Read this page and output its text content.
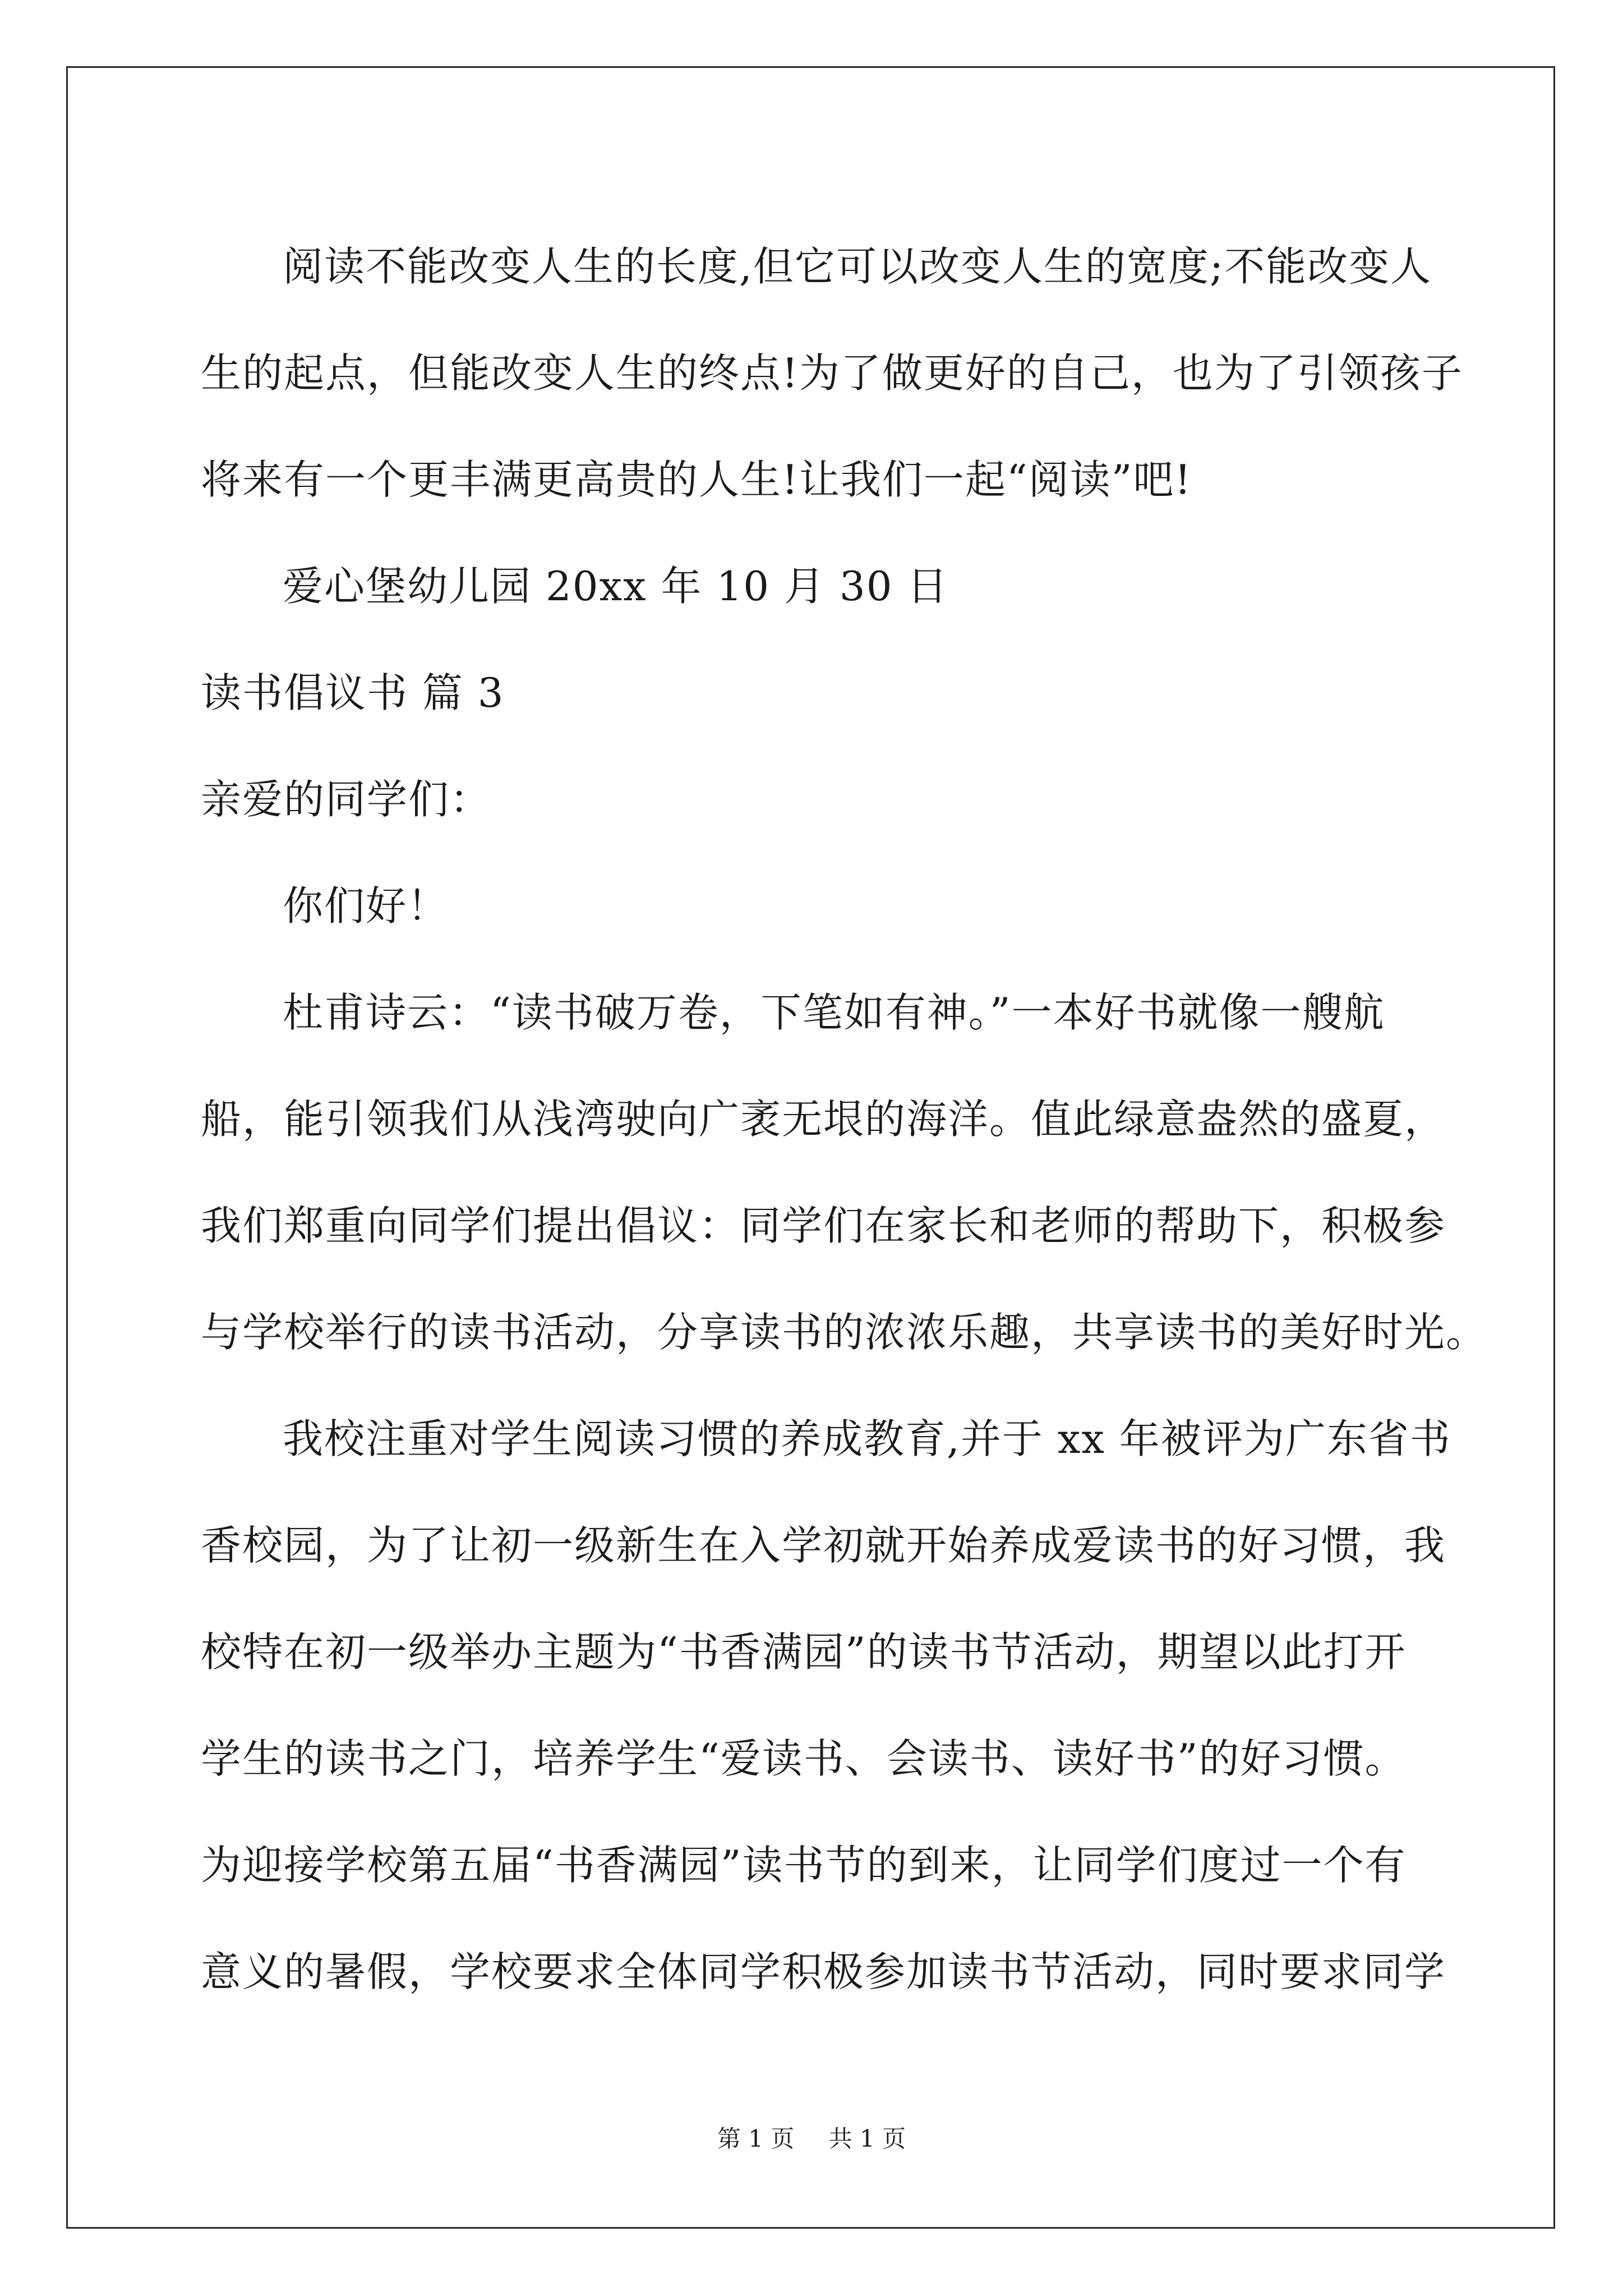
阅读不能改变人生的长度,但它可以改变人生的宽度;不能改变人
生的起点，但能改变人生的终点!为了做更好的自己，也为了引领孩子
将来有一个更丰满更高贵的人生!让我们一起“阅读”吧!
爱心堡幼儿园 20xx 年 10 月 30 日
读书倡议书 篇 3
亲爱的同学们：
你们好！
杜甫诗云：“读书破万卷，下笔如有神。”一本好书就像一艘航
船，能引领我们从浅湾驶向广袤无垠的海洋。值此绿意盎然的盛夏，
我们郑重向同学们提出倡议：同学们在家长和老师的帮助下，积极参
与学校举行的读书活动，分享读书的浓浓乐趣，共享读书的美好时光。
我校注重对学生阅读习惯的养成教育,并于 xx 年被评为广东省书
香校园，为了让初一级新生在入学初就开始养成爱读书的好习惯，我
校特在初一级举办主题为“书香满园”的读书节活动，期望以此打开
学生的读书之门，培养学生“爱读书、会读书、读好书”的好习惯。
为迎接学校第五届“书香满园”读书节的到来，让同学们度过一个有
意义的暑假，学校要求全体同学积极参加读书节活动，同时要求同学
第 1 页 共 1 页
